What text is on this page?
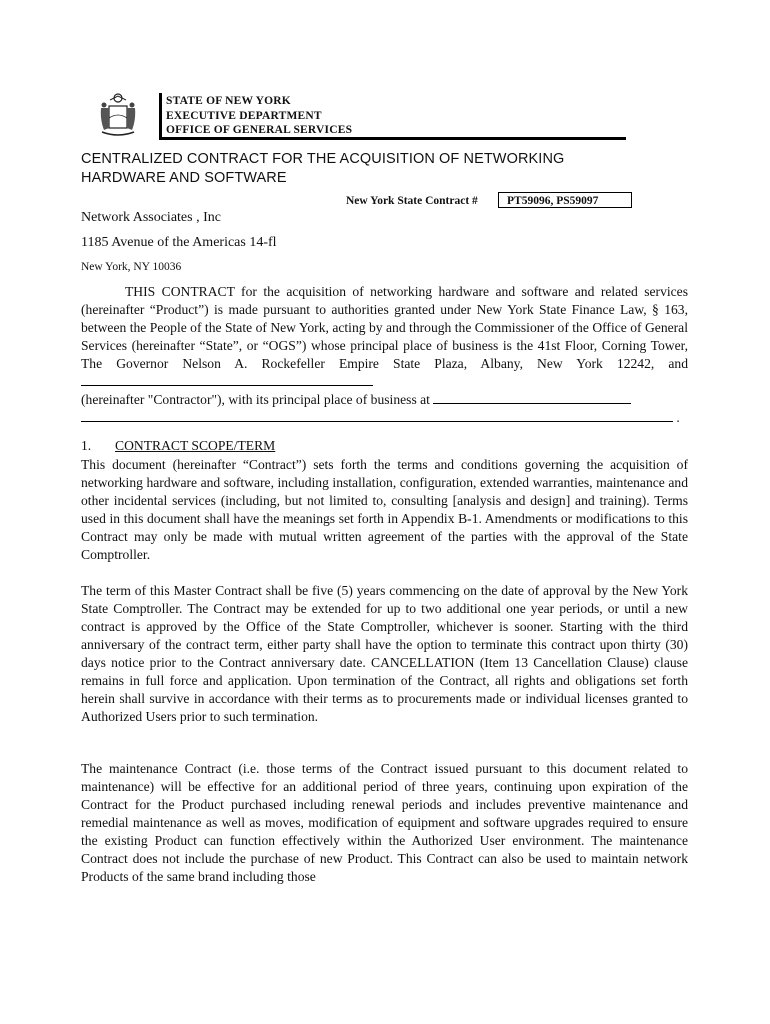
STATE OF NEW YORK
EXECUTIVE DEPARTMENT
OFFICE OF GENERAL SERVICES
CENTRALIZED CONTRACT FOR THE ACQUISITION OF NETWORKING
HARDWARE AND SOFTWARE
New York State Contract #	PT59096, PS59097
Network Associates , Inc
1185 Avenue of the Americas 14-fl
New York, NY 10036

THIS CONTRACT for the acquisition of networking hardware and software and related services (hereinafter “Product”) is made pursuant to authorities granted under New York State Finance Law, § 163, between the People of the State of New York, acting by and through the Commissioner of the Office of General Services (hereinafter “State”, or “OGS”) whose principal place of business is the 41st Floor, Corning Tower, The Governor Nelson A. Rockefeller Empire State Plaza, Albany, New York 12242, and
(hereinafter "Contractor"), with its principal place of business at
.

1. CONTRACT SCOPE/TERM

This document (hereinafter “Contract”) sets forth the terms and conditions governing the acquisition of networking hardware and software, including installation, configuration, extended warranties, maintenance and other incidental services (including, but not limited to, consulting [analysis and design] and training). Terms used in this document shall have the meanings set forth in Appendix B-1. Amendments or modifications to this Contract may only be made with mutual written agreement of the parties with the approval of the State Comptroller.

The term of this Master Contract shall be five (5) years commencing on the date of approval by the New York State Comptroller. The Contract may be extended for up to two additional one year periods, or until a new contract is approved by the Office of the State Comptroller, whichever is sooner. Starting with the third anniversary of the contract term, either party shall have the option to terminate this contract upon thirty (30) days notice prior to the Contract anniversary date. CANCELLATION (Item 13 Cancellation Clause) clause remains in full force and application. Upon termination of the Contract, all rights and obligations set forth herein shall survive in accordance with their terms as to procurements made or individual licenses granted to Authorized Users prior to such termination.

The maintenance Contract (i.e. those terms of the Contract issued pursuant to this document related to maintenance) will be effective for an additional period of three years, continuing upon expiration of the Contract for the Product purchased including renewal periods and includes preventive maintenance and remedial maintenance as well as moves, modification of equipment and software upgrades required to ensure the existing Product can function effectively within the Authorized User environment. The maintenance Contract does not include the purchase of new Product. This Contract can also be used to maintain network Products of the same brand including those
